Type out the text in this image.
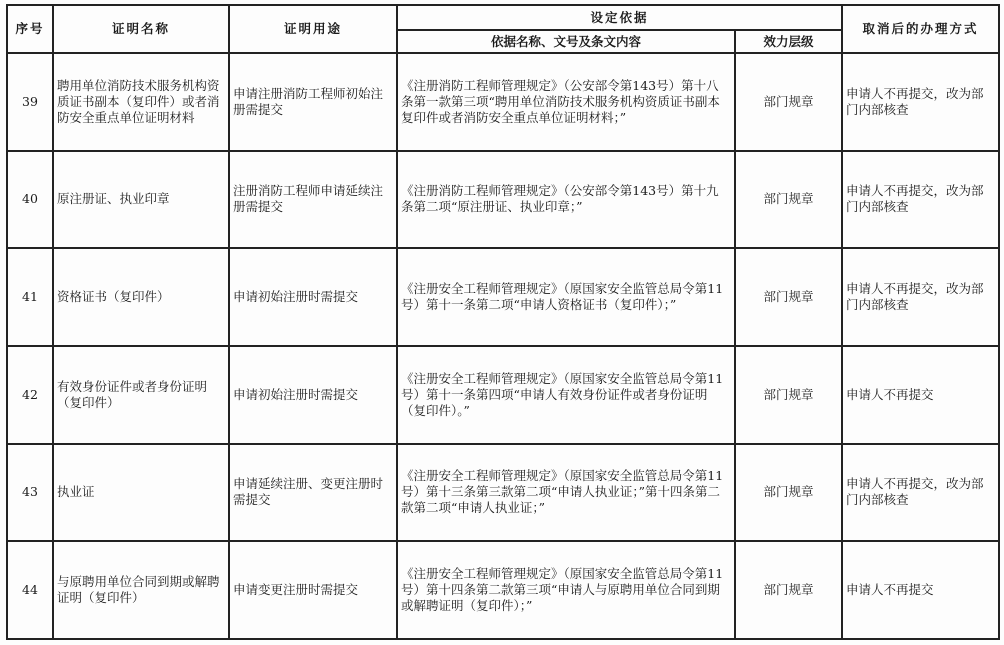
序号	证明名称	证明用途	设定依据		取消后的办理方式
			依据名称、文号及条文内容	效力层级	
39	聘用单位消防技术服务机构资质证书副本（复印件）或者消防安全重点单位证明材料	申请注册消防工程师初始注册需提交	《注册消防工程师管理规定》（公安部令第143号）第十八条第一款第三项“聘用单位消防技术服务机构资质证书副本复印件或者消防安全重点单位证明材料；”	部门规章	申请人不再提交，改为部门内部核查
40	原注册证、执业印章	注册消防工程师申请延续注册需提交	《注册消防工程师管理规定》（公安部令第143号）第十九条第二项“原注册证、执业印章；”	部门规章	申请人不再提交，改为部门内部核查
41	资格证书（复印件）	申请初始注册时需提交	《注册安全工程师管理规定》（原国家安全监管总局令第11号）第十一条第二项“申请人资格证书（复印件）；”	部门规章	申请人不再提交，改为部门内部核查
42	有效身份证件或者身份证明（复印件）	申请初始注册时需提交	《注册安全工程师管理规定》（原国家安全监管总局令第11号）第十一条第四项“申请人有效身份证件或者身份证明（复印件）。”	部门规章	申请人不再提交
43	执业证	申请延续注册、变更注册时需提交	《注册安全工程师管理规定》（原国家安全监管总局令第11号）第十三条第三款第二项“申请人执业证；”第十四条第二款第二项“申请人执业证；”	部门规章	申请人不再提交，改为部门内部核查
44	与原聘用单位合同到期或解聘证明（复印件）	申请变更注册时需提交	《注册安全工程师管理规定》（原国家安全监管总局令第11号）第十四条第二款第三项“申请人与原聘用单位合同到期或解聘证明（复印件）；”	部门规章	申请人不再提交
